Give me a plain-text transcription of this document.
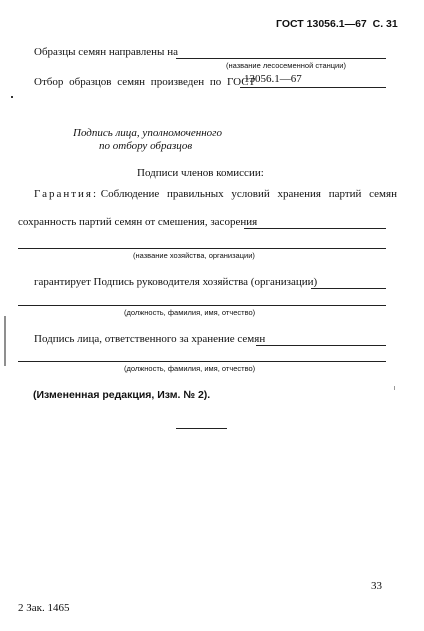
ГОСТ 13056.1—67 С. 31
Образцы семян направлены на
(название лесосеменной станции)
Отбор образцов семян произведен по ГОСТ
13056.1—67
Подпись лица, уполномоченного
по отбору образцов
Подписи членов комиссии:
Гарантия: Соблюдение правильных условий хранения партий семян
сохранность партий семян от смешения, засорения
(название хозяйства, организации)
гарантирует Подпись руководителя хозяйства (организации)
(должность, фамилия, имя, отчество)
Подпись лица, ответственного за хранение семян
(должность, фамилия, имя, отчество)
(Измененная редакция, Изм. № 2).
33
2 Зак. 1465
